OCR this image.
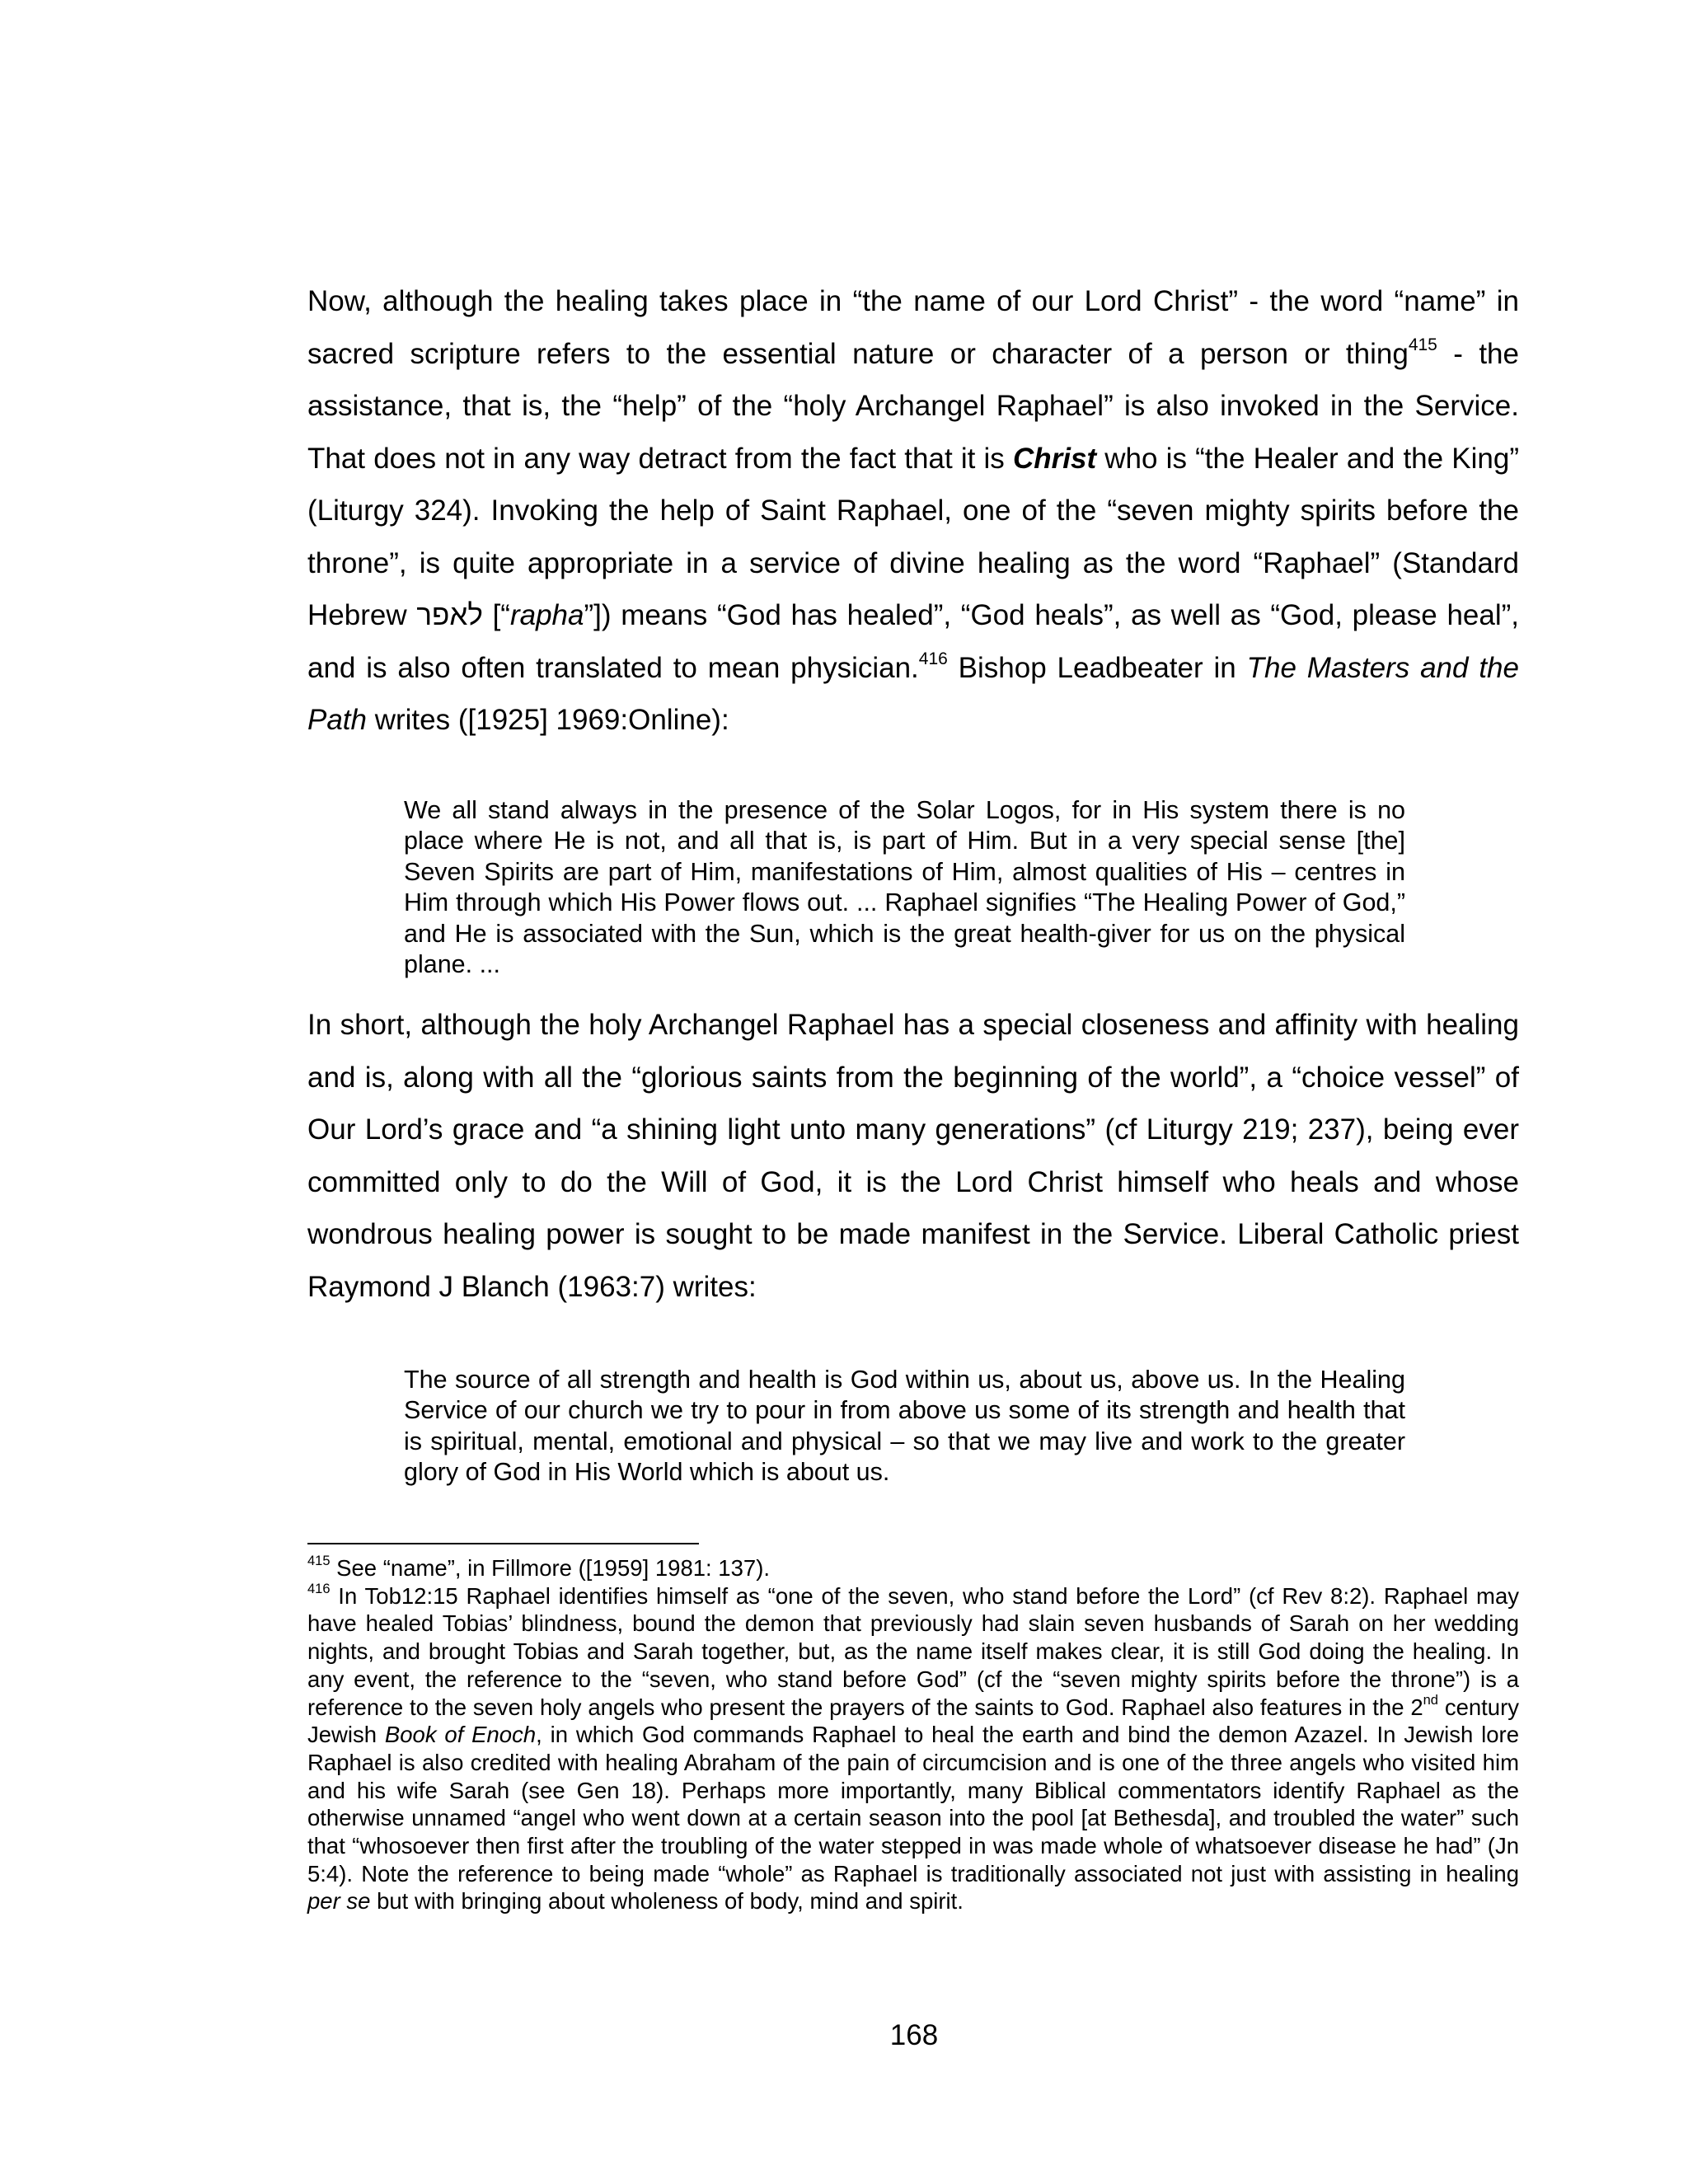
Now, although the healing takes place in “the name of our Lord Christ” - the word “name” in sacred scripture refers to the essential nature or character of a person or thing$^{415}$ - the assistance, that is, the “help” of the “holy Archangel Raphael” is also invoked in the Service. That does not in any way detract from the fact that it is Christ who is “the Healer and the King” (Liturgy 324). Invoking the help of Saint Raphael, one of the “seven mighty spirits before the throne”, is quite appropriate in a service of divine healing as the word “Raphael” (Standard Hebrew לאפר [“rapha”]) means “God has healed”, “God heals”, as well as “God, please heal”, and is also often translated to mean physician.$^{416}$ Bishop Leadbeater in The Masters and the Path writes ([1925] 1969:Online):

We all stand always in the presence of the Solar Logos, for in His system there is no place where He is not, and all that is, is part of Him. But in a very special sense [the] Seven Spirits are part of Him, manifestations of Him, almost qualities of His – centres in Him through which His Power flows out. ... Raphael signifies “The Healing Power of God,” and He is associated with the Sun, which is the great health-giver for us on the physical plane. ...

In short, although the holy Archangel Raphael has a special closeness and affinity with healing and is, along with all the “glorious saints from the beginning of the world”, a “choice vessel” of Our Lord’s grace and “a shining light unto many generations” (cf Liturgy 219; 237), being ever committed only to do the Will of God, it is the Lord Christ himself who heals and whose wondrous healing power is sought to be made manifest in the Service. Liberal Catholic priest Raymond J Blanch (1963:7) writes:

The source of all strength and health is God within us, about us, above us. In the Healing Service of our church we try to pour in from above us some of its strength and health that is spiritual, mental, emotional and physical – so that we may live and work to the greater glory of God in His World which is about us.

$^{415}$ See “name”, in Fillmore ([1959] 1981: 137).

$^{416}$ In Tob12:15 Raphael identifies himself as “one of the seven, who stand before the Lord” (cf Rev 8:2). Raphael may have healed Tobias’ blindness, bound the demon that previously had slain seven husbands of Sarah on her wedding nights, and brought Tobias and Sarah together, but, as the name itself makes clear, it is still God doing the healing. In any event, the reference to the “seven, who stand before God” (cf the “seven mighty spirits before the throne”) is a reference to the seven holy angels who present the prayers of the saints to God. Raphael also features in the 2nd century Jewish Book of Enoch, in which God commands Raphael to heal the earth and bind the demon Azazel. In Jewish lore Raphael is also credited with healing Abraham of the pain of circumcision and is one of the three angels who visited him and his wife Sarah (see Gen 18). Perhaps more importantly, many Biblical commentators identify Raphael as the otherwise unnamed “angel who went down at a certain season into the pool [at Bethesda], and troubled the water” such that “whosoever then first after the troubling of the water stepped in was made whole of whatsoever disease he had” (Jn 5:4). Note the reference to being made “whole” as Raphael is traditionally associated not just with assisting in healing per se but with bringing about wholeness of body, mind and spirit.

168
